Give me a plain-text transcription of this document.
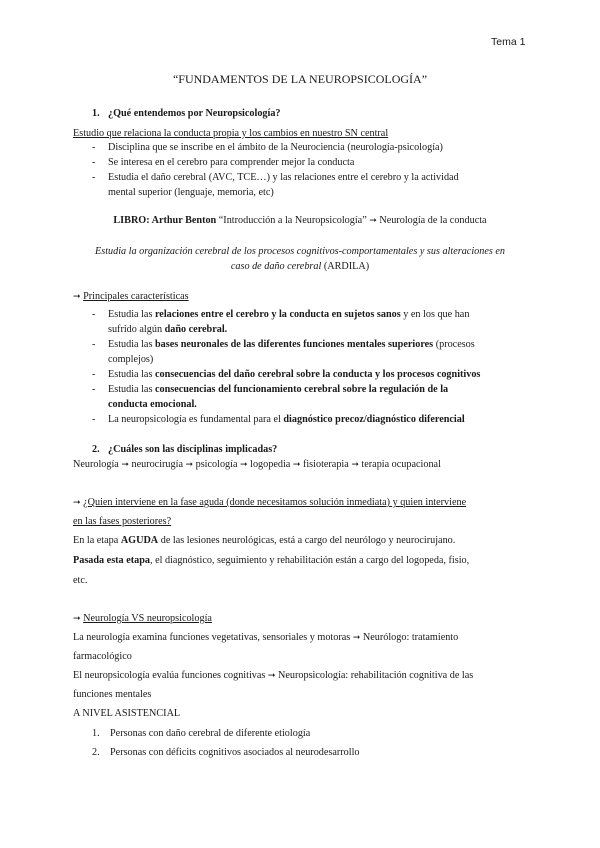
Tema 1
“FUNDAMENTOS DE LA NEUROPSICOLOGÍA”
1. ¿Qué entendemos por Neuropsicología?
Estudio que relaciona la conducta propia y los cambios en nuestro SN central
- Disciplina que se inscribe en el ámbito de la Neurociencia (neurología-psicología)
- Se interesa en el cerebro para comprender mejor la conducta
- Estudia el daño cerebral (AVC, TCE…) y las relaciones entre el cerebro y la actividad
mental superior (lenguaje, memoria, etc)
LIBRO: Arthur Benton “Introducción a la Neuropsicología” ➞ Neurología de la conducta
Estudia la organización cerebral de los procesos cognitivos-comportamentales y sus alteraciones en
caso de daño cerebral (ARDILA)
➞ Principales características
- Estudia las relaciones entre el cerebro y la conducta en sujetos sanos y en los que han
sufrido algún daño cerebral.
- Estudia las bases neuronales de las diferentes funciones mentales superiores (procesos
complejos)
- Estudia las consecuencias del daño cerebral sobre la conducta y los procesos cognitivos
- Estudia las consecuencias del funcionamiento cerebral sobre la regulación de la
conducta emocional.
- La neuropsicología es fundamental para el diagnóstico precoz/diagnóstico diferencial
2. ¿Cuáles son las disciplinas implicadas?
Neurología ➞ neurocirugía ➞ psicología ➞ logopedia ➞ fisioterapia ➞ terapia ocupacional
➞ ¿Quien interviene en la fase aguda (donde necesitamos solución inmediata) y quien interviene
en las fases posteriores?
En la etapa AGUDA de las lesiones neurológicas, está a cargo del neurólogo y neurocirujano.
Pasada esta etapa, el diagnóstico, seguimiento y rehabilitación están a cargo del logopeda, fisio,
etc.
➞ Neurología VS neuropsicología
La neurología examina funciones vegetativas, sensoriales y motoras ➞ Neurólogo: tratamiento
farmacológico
El neuropsicología evalúa funciones cognitivas ➞ Neuropsicología: rehabilitación cognitiva de las
funciones mentales
A NIVEL ASISTENCIAL
1. Personas con daño cerebral de diferente etiología
2. Personas con déficits cognitivos asociados al neurodesarrollo
